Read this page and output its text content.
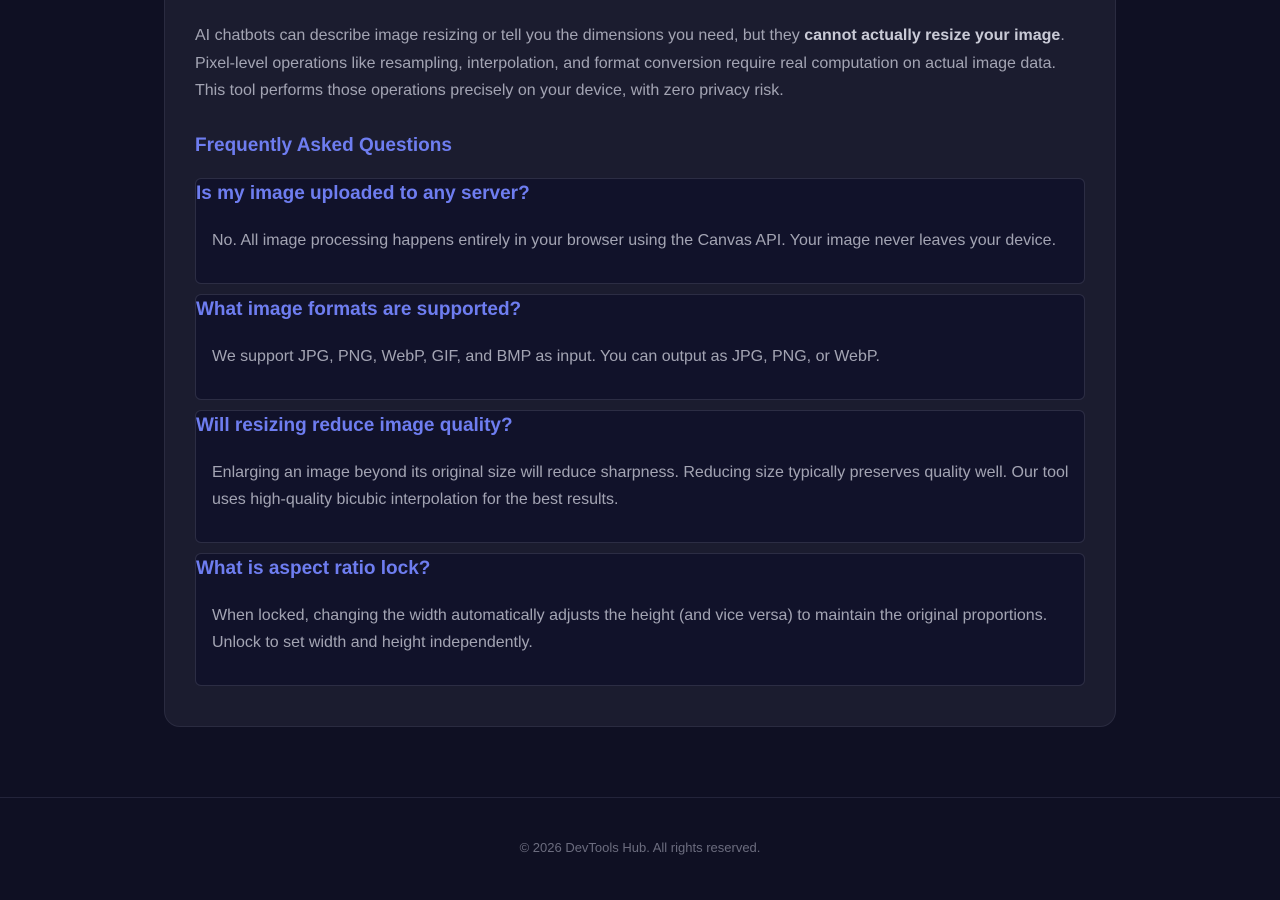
AI chatbots can describe image resizing or tell you the dimensions you need, but they cannot actually resize your image. Pixel-level operations like resampling, interpolation, and format conversion require real computation on actual image data. This tool performs those operations precisely on your device, with zero privacy risk.

Frequently Asked Questions
Is my image uploaded to any server?

No. All image processing happens entirely in your browser using the Canvas API. Your image never leaves your device.

What image formats are supported?

We support JPG, PNG, WebP, GIF, and BMP as input. You can output as JPG, PNG, or WebP.

Will resizing reduce image quality?

Enlarging an image beyond its original size will reduce sharpness. Reducing size typically preserves quality well. Our tool uses high-quality bicubic interpolation for the best results.

What is aspect ratio lock?

When locked, changing the width automatically adjusts the height (and vice versa) to maintain the original proportions. Unlock to set width and height independently.

© 2026 DevTools Hub. All rights reserved.
